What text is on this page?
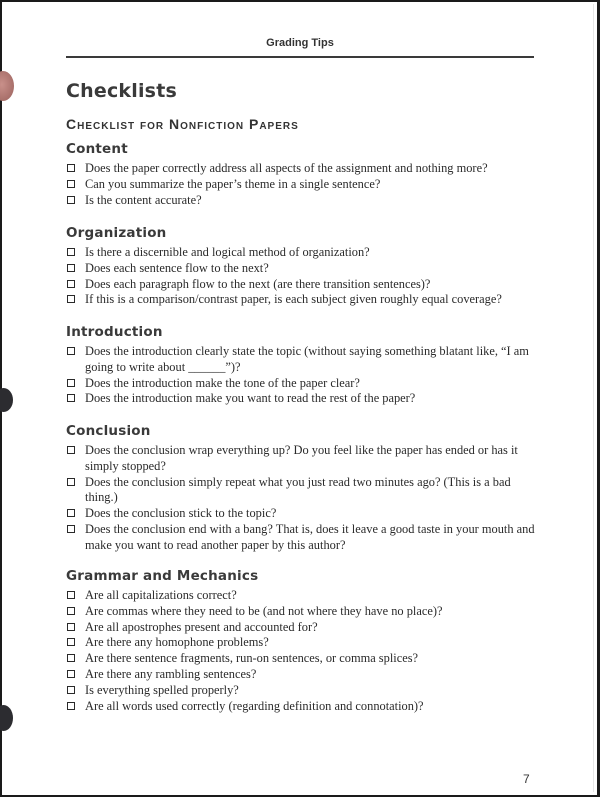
Grading Tips
Checklists
Checklist for Nonfiction Papers
Content
Does the paper correctly address all aspects of the assignment and nothing more?
Can you summarize the paper’s theme in a single sentence?
Is the content accurate?
Organization
Is there a discernible and logical method of organization?
Does each sentence flow to the next?
Does each paragraph flow to the next (are there transition sentences)?
If this is a comparison/contrast paper, is each subject given roughly equal coverage?
Introduction
Does the introduction clearly state the topic (without saying something blatant like, “I am going to write about ______”)?
Does the introduction make the tone of the paper clear?
Does the introduction make you want to read the rest of the paper?
Conclusion
Does the conclusion wrap everything up? Do you feel like the paper has ended or has it simply stopped?
Does the conclusion simply repeat what you just read two minutes ago? (This is a bad thing.)
Does the conclusion stick to the topic?
Does the conclusion end with a bang? That is, does it leave a good taste in your mouth and make you want to read another paper by this author?
Grammar and Mechanics
Are all capitalizations correct?
Are commas where they need to be (and not where they have no place)?
Are all apostrophes present and accounted for?
Are there any homophone problems?
Are there sentence fragments, run-on sentences, or comma splices?
Are there any rambling sentences?
Is everything spelled properly?
Are all words used correctly (regarding definition and connotation)?
7
